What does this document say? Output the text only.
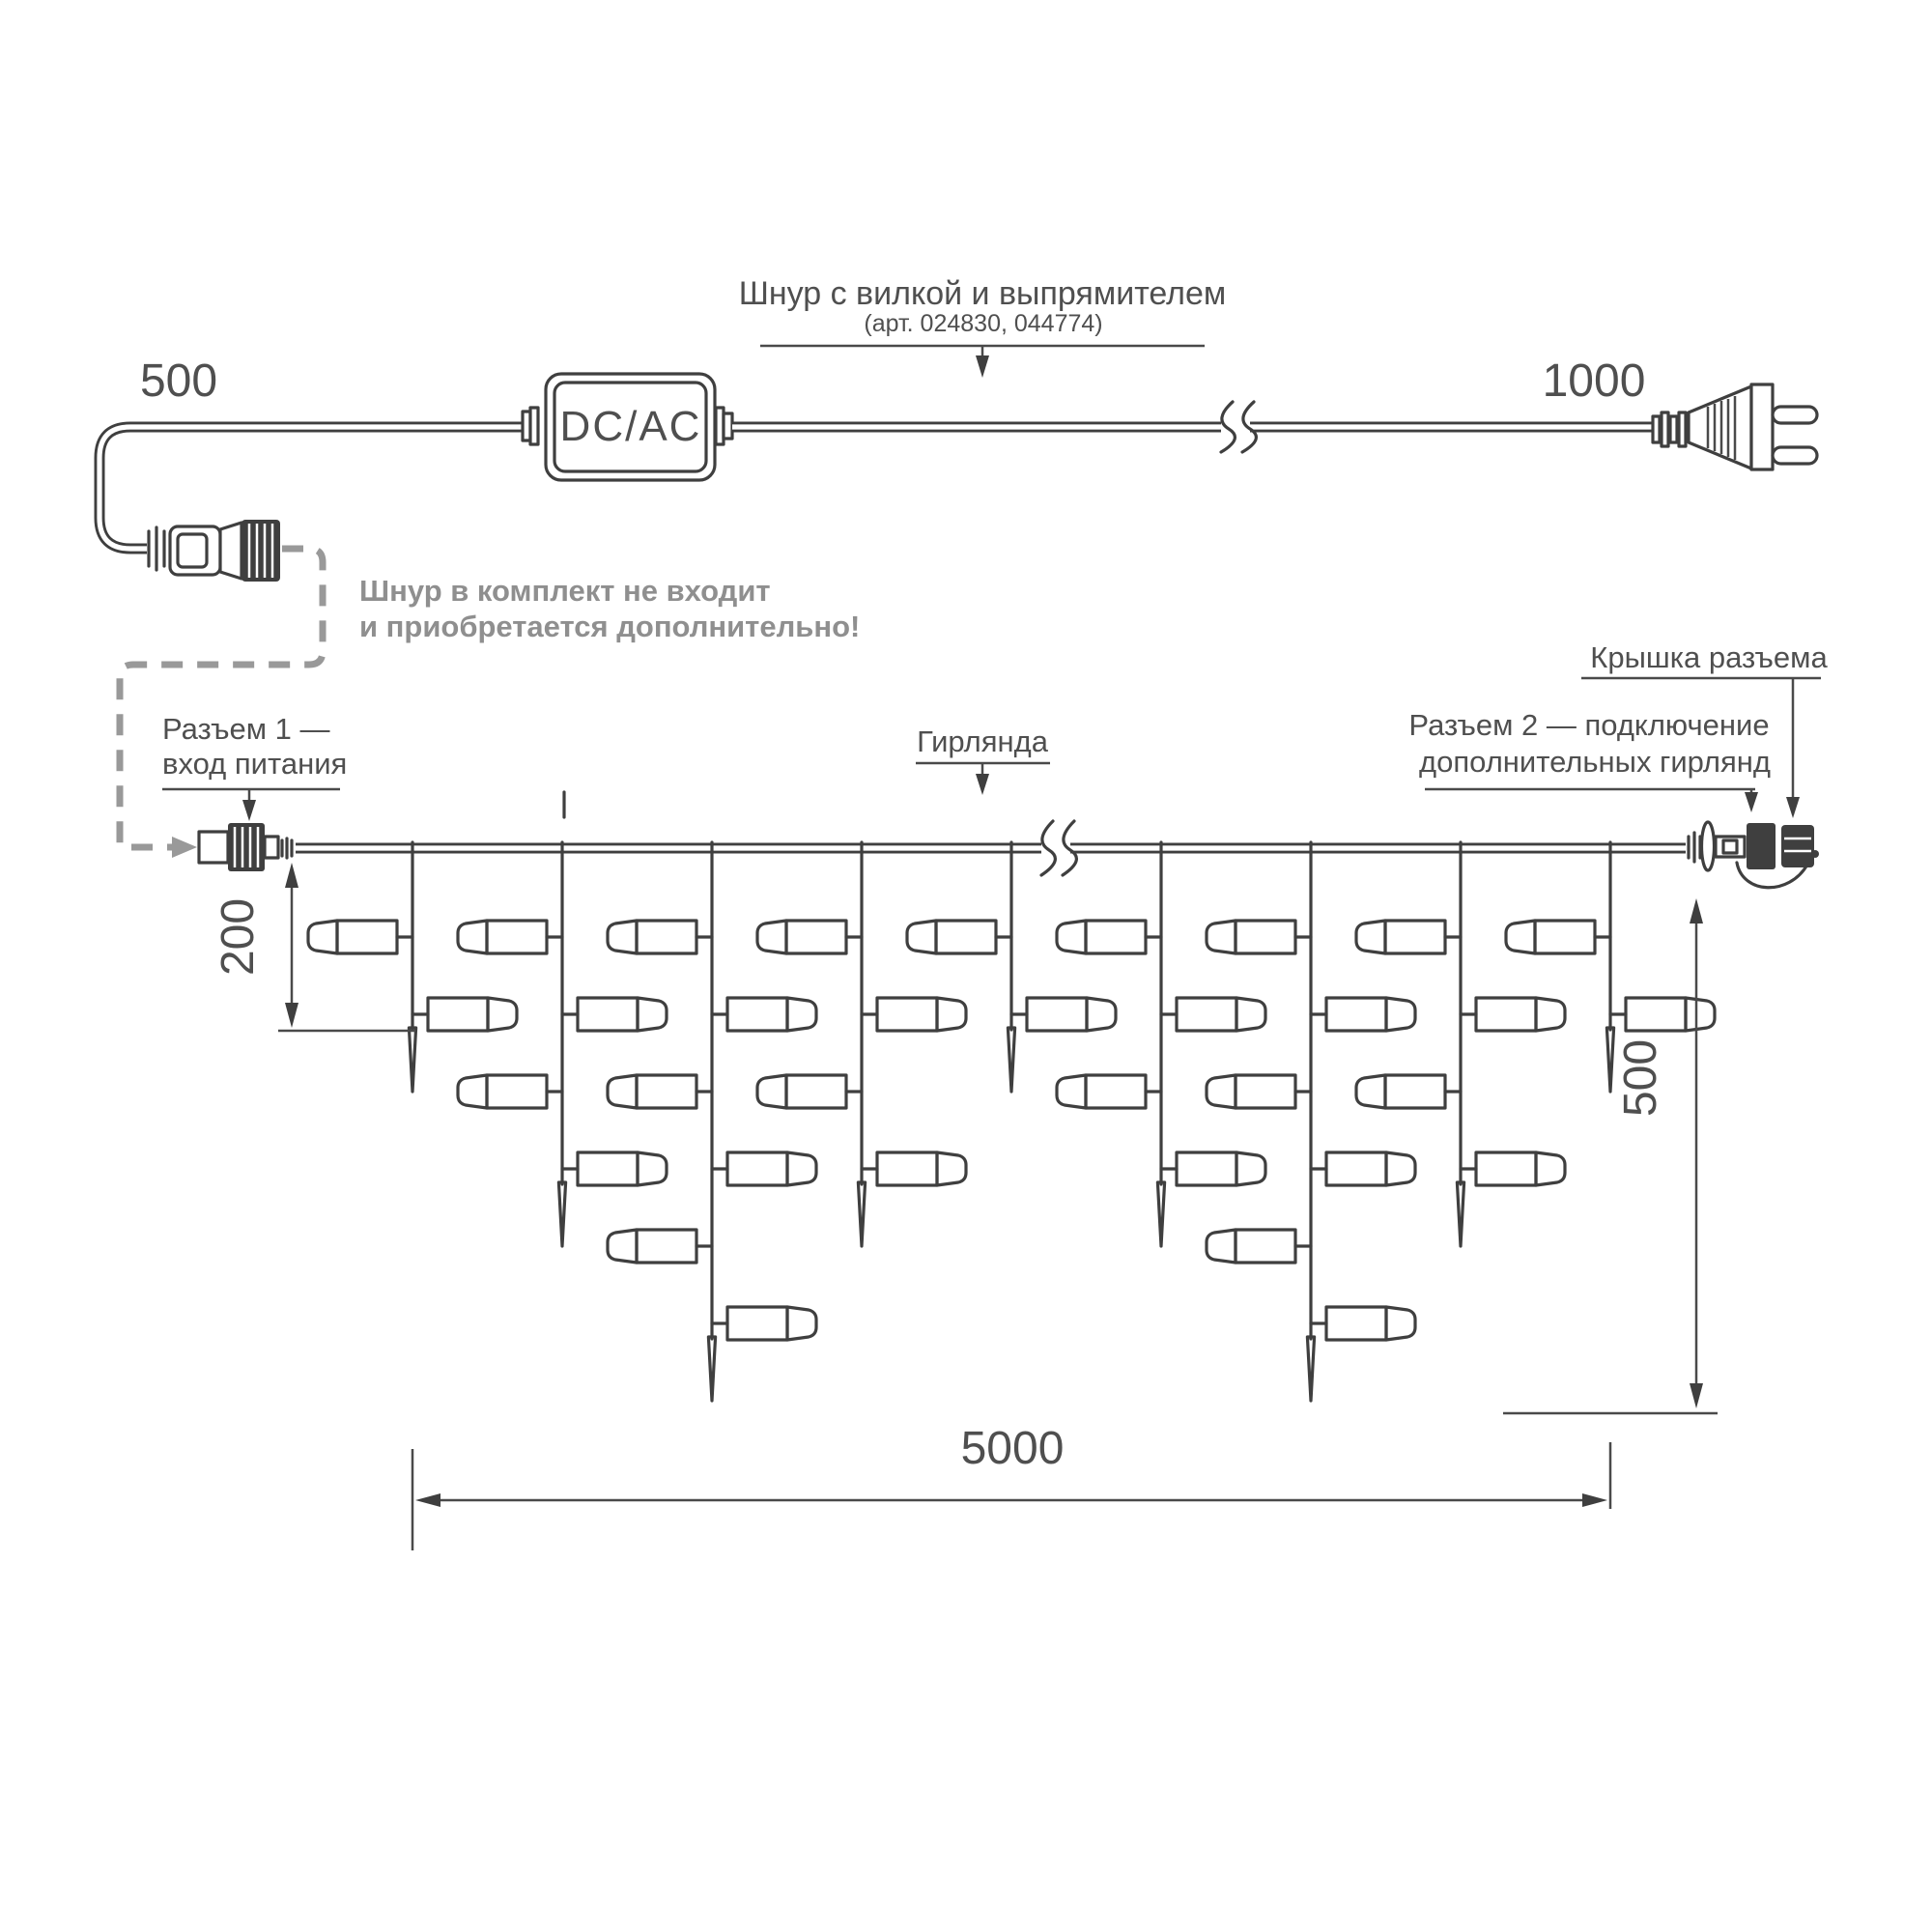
500
DC/AC
1000
Шнур с вилкой и выпрямителем
(арт. 024830, 044774)
Шнур в комплект не входит
и приобретается дополнительно!
Разъем 1 —
вход питания
Гирлянда
Крышка разъема
Разъем 2 — подключение
дополнительных гирлянд
200
500
5000
